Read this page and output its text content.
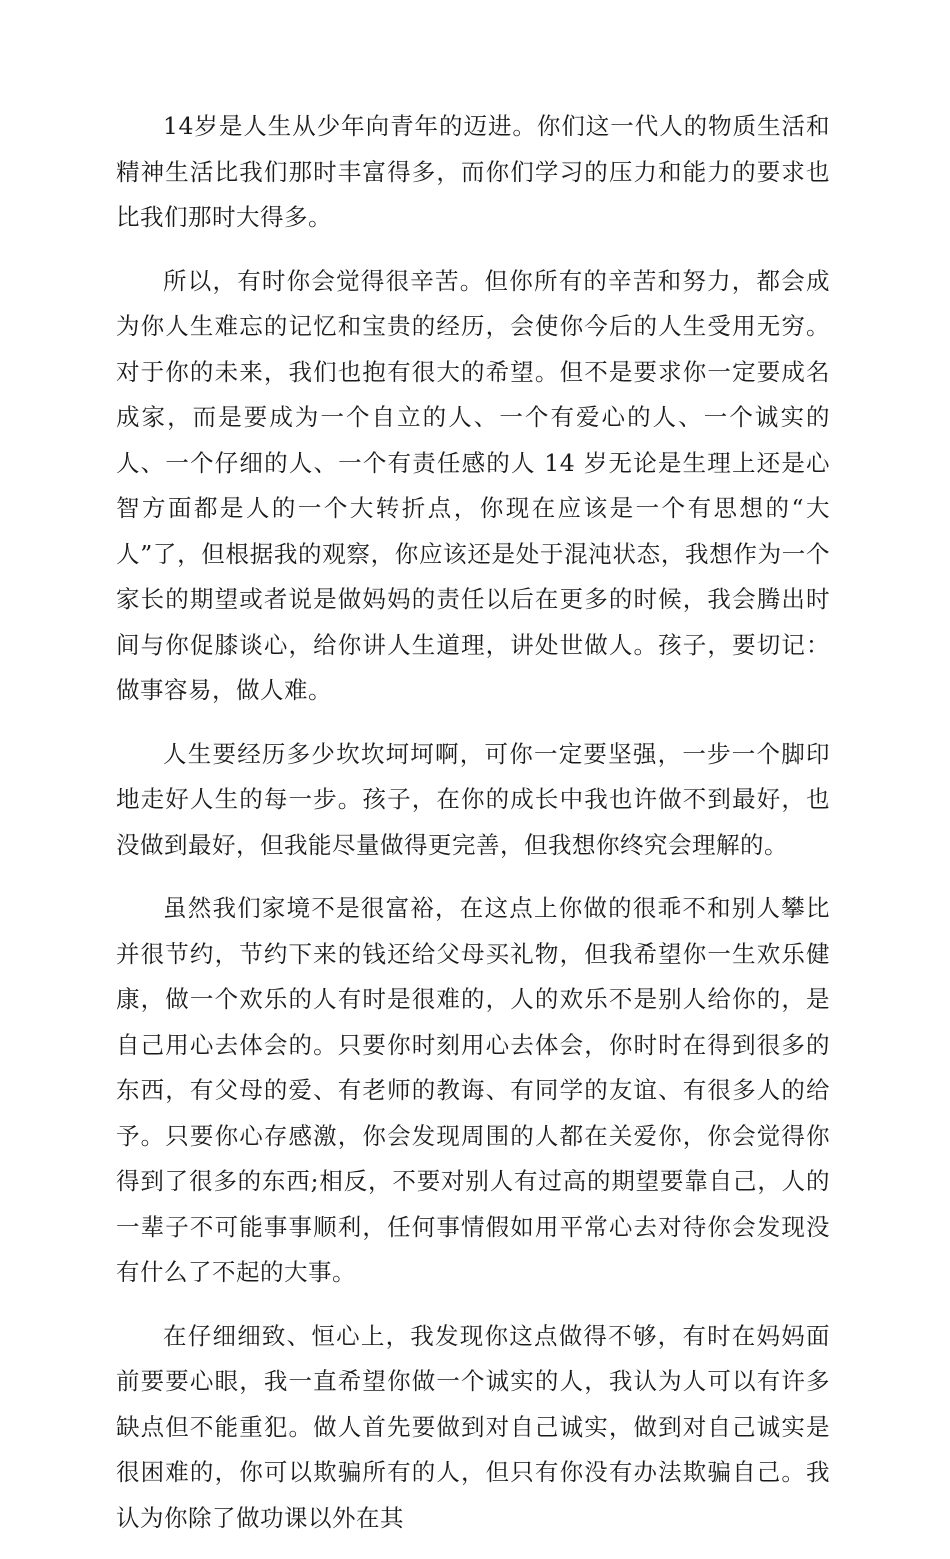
14岁是人生从少年向青年的迈进。你们这一代人的物质生活和精神生活比我们那时丰富得多，而你们学习的压力和能力的要求也比我们那时大得多。

所以，有时你会觉得很辛苦。但你所有的辛苦和努力，都会成为你人生难忘的记忆和宝贵的经历，会使你今后的人生受用无穷。对于你的未来，我们也抱有很大的希望。但不是要求你一定要成名成家，而是要成为一个自立的人、一个有爱心的人、一个诚实的人、一个仔细的人、一个有责任感的人 14 岁无论是生理上还是心智方面都是人的一个大转折点，你现在应该是一个有思想的“大人”了，但根据我的观察，你应该还是处于混沌状态，我想作为一个家长的期望或者说是做妈妈的责任以后在更多的时候，我会腾出时间与你促膝谈心，给你讲人生道理，讲处世做人。孩子，要切记：做事容易，做人难。

人生要经历多少坎坎坷坷啊，可你一定要坚强，一步一个脚印地走好人生的每一步。孩子，在你的成长中我也许做不到最好，也没做到最好，但我能尽量做得更完善，但我想你终究会理解的。

虽然我们家境不是很富裕，在这点上你做的很乖不和别人攀比并很节约，节约下来的钱还给父母买礼物，但我希望你一生欢乐健康，做一个欢乐的人有时是很难的，人的欢乐不是别人给你的，是自己用心去体会的。只要你时刻用心去体会，你时时在得到很多的东西，有父母的爱、有老师的教诲、有同学的友谊、有很多人的给予。只要你心存感激，你会发现周围的人都在关爱你，你会觉得你得到了很多的东西;相反，不要对别人有过高的期望要靠自己，人的一辈子不可能事事顺利，任何事情假如用平常心去对待你会发现没有什么了不起的大事。

在仔细细致、恒心上，我发现你这点做得不够，有时在妈妈面前要要心眼，我一直希望你做一个诚实的人，我认为人可以有许多缺点但不能重犯。做人首先要做到对自己诚实，做到对自己诚实是很困难的，你可以欺骗所有的人，但只有你没有办法欺骗自己。我认为你除了做功课以外在其
